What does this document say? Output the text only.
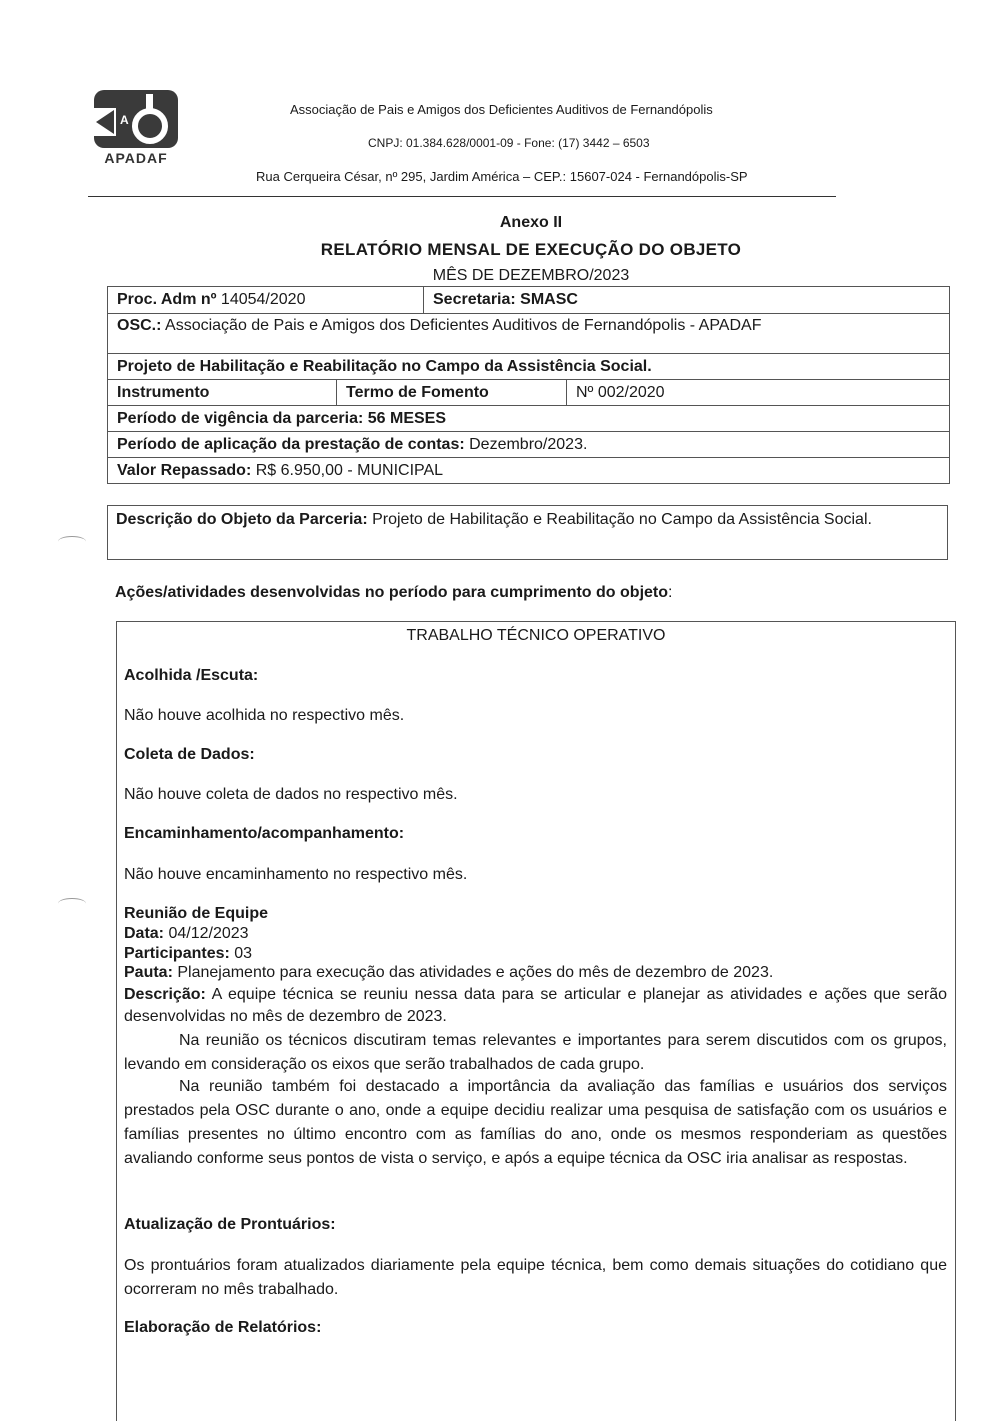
A
APADAF
Associação de Pais e Amigos dos Deficientes Auditivos de Fernandópolis
CNPJ: 01.384.628/0001-09 - Fone: (17) 3442 – 6503
Rua Cerqueira César, nº 295, Jardim América – CEP.: 15607-024 - Fernandópolis-SP
Anexo II
RELATÓRIO MENSAL DE EXECUÇÃO DO OBJETO
MÊS DE DEZEMBRO/2023
Proc. Adm nº 14054/2020	Secretaria: SMASC
OSC.: Associação de Pais e Amigos dos Deficientes Auditivos de Fernandópolis - APADAF
Projeto de Habilitação e Reabilitação no Campo da Assistência Social.
Instrumento	Termo de Fomento	Nº 002/2020
Período de vigência da parceria: 56 MESES
Período de aplicação da prestação de contas: Dezembro/2023.
Valor Repassado: R$ 6.950,00 - MUNICIPAL
Descrição do Objeto da Parceria: Projeto de Habilitação e Reabilitação no Campo da Assistência Social.
Ações/atividades desenvolvidas no período para cumprimento do objeto:
TRABALHO TÉCNICO OPERATIVO
Acolhida /Escuta:
Não houve acolhida no respectivo mês.
Coleta de Dados:
Não houve coleta de dados no respectivo mês.
Encaminhamento/acompanhamento:
Não houve encaminhamento no respectivo mês.
Reunião de Equipe
Data: 04/12/2023
Participantes: 03
Pauta: Planejamento para execução das atividades e ações do mês de dezembro de 2023.
Descrição: A equipe técnica se reuniu nessa data para se articular e planejar as atividades e ações que serão desenvolvidas no mês de dezembro de 2023.
Na reunião os técnicos discutiram temas relevantes e importantes para serem discutidos com os grupos, levando em consideração os eixos que serão trabalhados de cada grupo.
Na reunião também foi destacado a importância da avaliação das famílias e usuários dos serviços prestados pela OSC durante o ano, onde a equipe decidiu realizar uma pesquisa de satisfação com os usuários e famílias presentes no último encontro com as famílias do ano, onde os mesmos responderiam as questões avaliando conforme seus pontos de vista o serviço, e após a equipe técnica da OSC iria analisar as respostas.
Atualização de Prontuários:
Os prontuários foram atualizados diariamente pela equipe técnica, bem como demais situações do cotidiano que ocorreram no mês trabalhado.
Elaboração de Relatórios:
